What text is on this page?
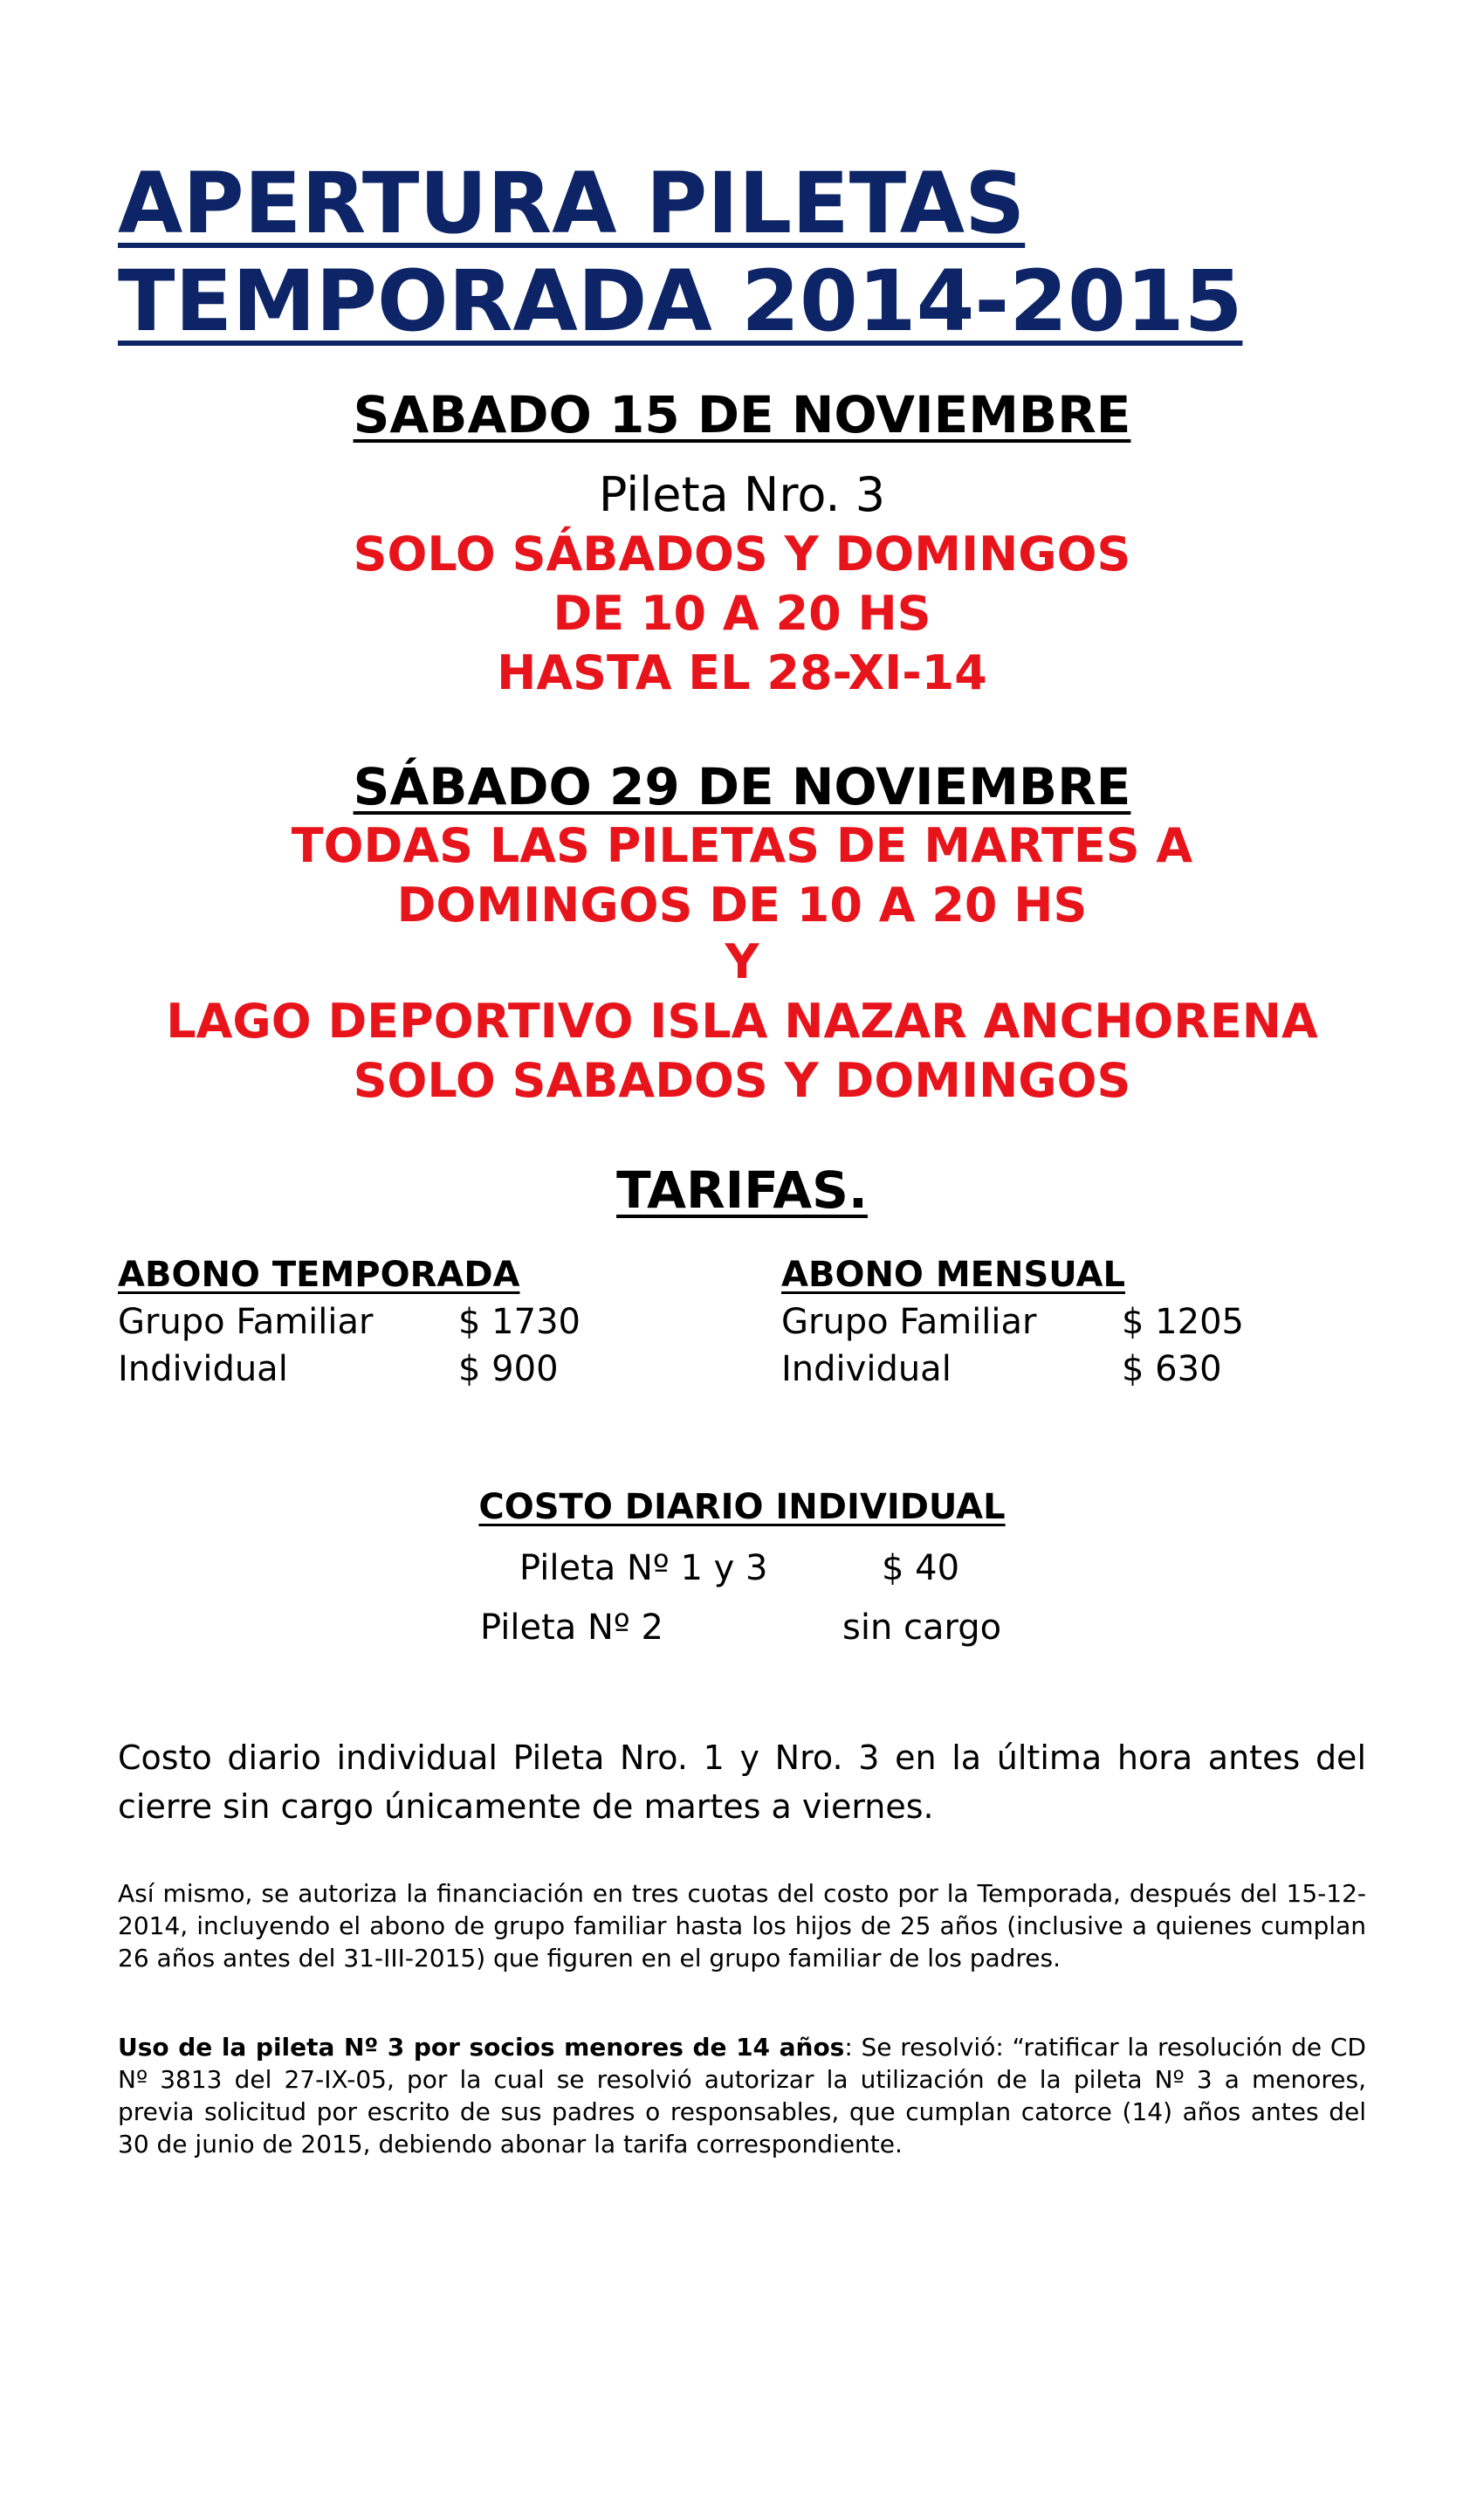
APERTURA PILETAS
TEMPORADA 2014-2015
SABADO 15 DE NOVIEMBRE
Pileta Nro. 3
SOLO SÁBADOS Y DOMINGOS
DE 10 A 20 HS
HASTA EL 28-XI-14
SÁBADO 29 DE NOVIEMBRE
TODAS LAS PILETAS DE MARTES A
DOMINGOS DE 10 A 20 HS
Y
LAGO DEPORTIVO ISLA NAZAR ANCHORENA
SOLO SABADOS Y DOMINGOS
TARIFAS.
ABONO TEMPORADA
Grupo Familiar $ 1730
Individual	$ 900
ABONO MENSUAL
Grupo Familiar $ 1205
Individual	$ 630
COSTO DIARIO INDIVIDUAL
Pileta Nº 1 y 3	$ 40
Pileta Nº 2	sin cargo

Costo diario individual Pileta Nro. 1 y Nro. 3 en la última hora antes del cierre sin cargo únicamente de martes a viernes.

Así mismo, se autoriza la financiación en tres cuotas del costo por la Temporada, después del 15-12-2014, incluyendo el abono de grupo familiar hasta los hijos de 25 años (inclusive a quienes cumplan 26 años antes del 31-III-2015) que figuren en el grupo familiar de los padres.

Uso de la pileta Nº 3 por socios menores de 14 años: Se resolvió: “ratificar la resolución de CD Nº 3813 del 27-IX-05, por la cual se resolvió autorizar la utilización de la pileta Nº 3 a menores, previa solicitud por escrito de sus padres o responsables, que cumplan catorce (14) años antes del 30 de junio de 2015, debiendo abonar la tarifa correspondiente.
